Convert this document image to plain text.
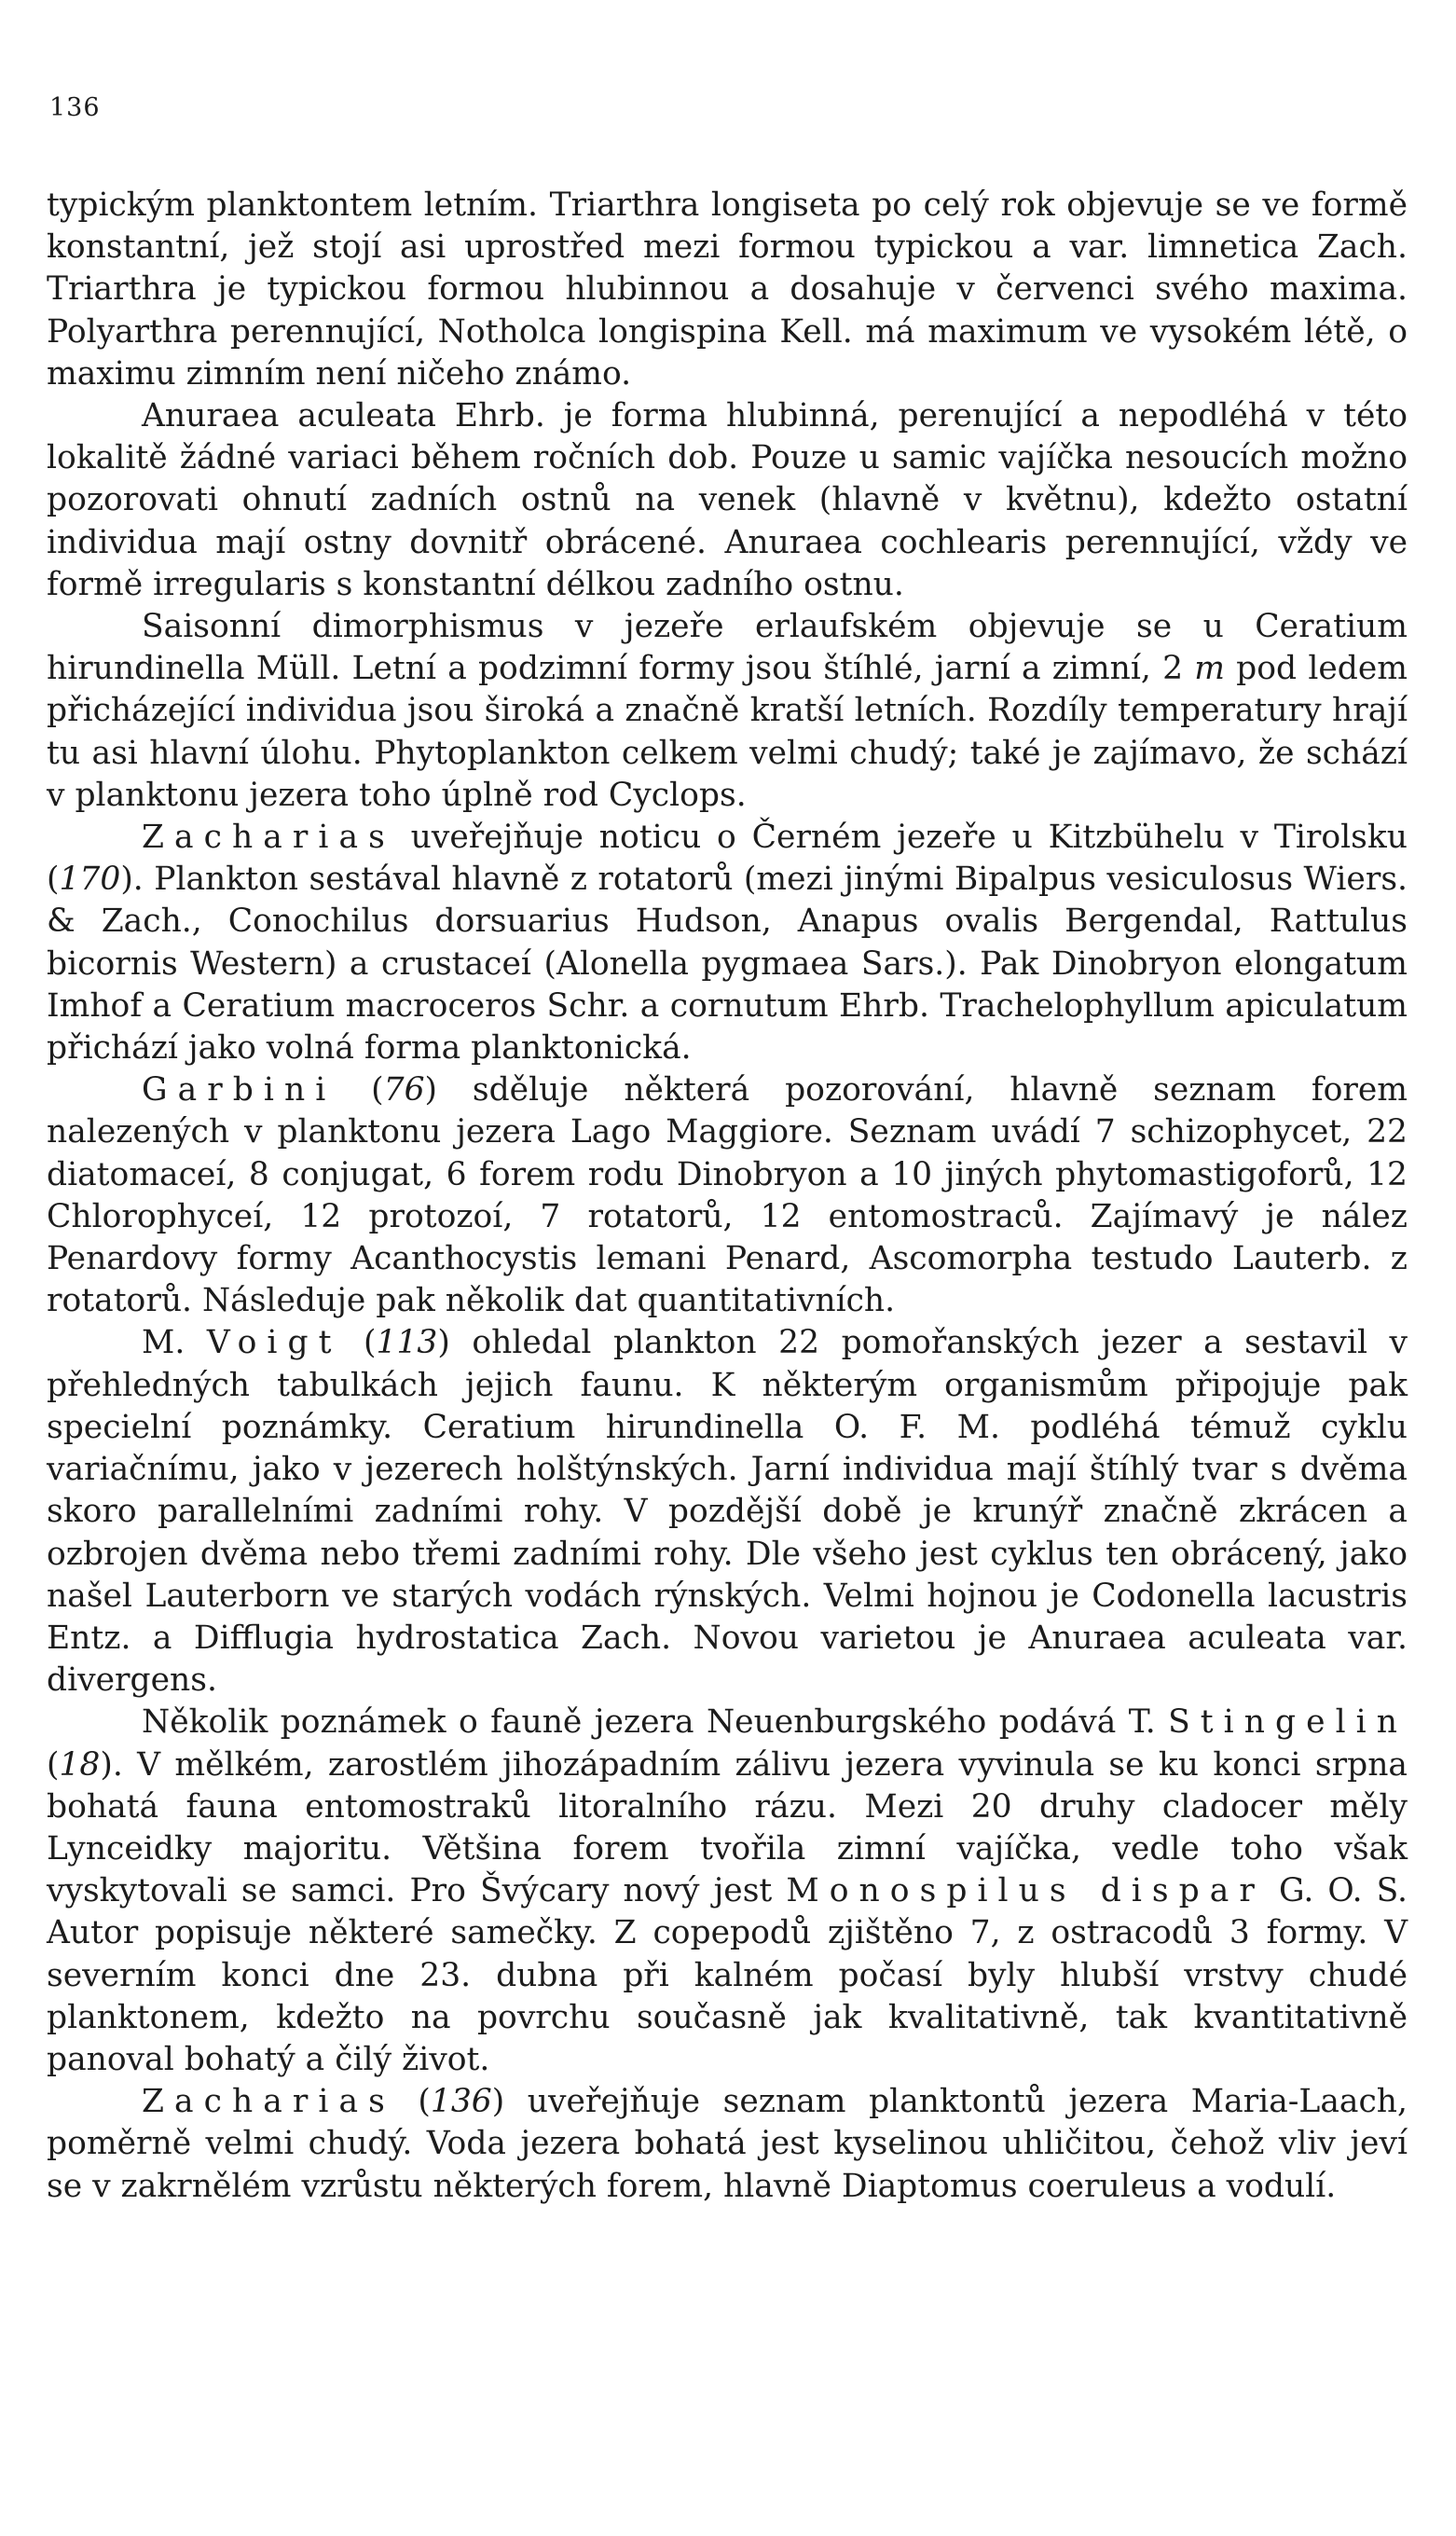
136

typickým planktontem letním. Triarthra longiseta po celý rok objevuje se ve formě konstantní, jež stojí asi uprostřed mezi formou typickou a var. limnetica Zach. Triarthra je typickou formou hlubinnou a dosahuje v červenci svého maxima. Polyarthra perennující, Notholca longispina Kell. má maximum ve vysokém létě, o maximu zimním není ničeho známo.

Anuraea aculeata Ehrb. je forma hlubinná, perenující a nepodléhá v této lokalitě žádné variaci během ročních dob. Pouze u samic vajíčka nesoucích možno pozorovati ohnutí zadních ostnů na venek (hlavně v květnu), kdežto ostatní individua mají ostny dovnitř obrácené. Anuraea cochlearis perennující, vždy ve formě irregularis s konstantní délkou zadního ostnu.

Saisonní dimorphismus v jezeře erlaufském objevuje se u Ceratium hirundinella Müll. Letní a podzimní formy jsou štíhlé, jarní a zimní, 2 m pod ledem přicházející individua jsou široká a značně kratší letních. Rozdíly temperatury hrají tu asi hlavní úlohu. Phytoplankton celkem velmi chudý; také je zajímavo, že schází v planktonu jezera toho úplně rod Cyclops.

Zacharias uveřejňuje noticu o Černém jezeře u Kitzbühelu v Tirolsku (170). Plankton sestával hlavně z rotatorů (mezi jinými Bipalpus vesiculosus Wiers. & Zach., Conochilus dorsuarius Hudson, Anapus ovalis Bergendal, Rattulus bicornis Western) a crustaceí (Alonella pygmaea Sars.). Pak Dinobryon elongatum Imhof a Ceratium macroceros Schr. a cornutum Ehrb. Trachelophyllum apiculatum přichází jako volná forma planktonická.

Garbini (76) sděluje některá pozorování, hlavně seznam forem nalezených v planktonu jezera Lago Maggiore. Seznam uvádí 7 schizophycet, 22 diatomaceí, 8 conjugat, 6 forem rodu Dinobryon a 10 jiných phytomastigoforů, 12 Chlorophyceí, 12 protozoí, 7 rotatorů, 12 entomostraců. Zajímavý je nález Penardovy formy Acanthocystis lemani Penard, Ascomorpha testudo Lauterb. z rotatorů. Následuje pak několik dat quantitativních.

M. Voigt (113) ohledal plankton 22 pomořanských jezer a sestavil v přehledných tabulkách jejich faunu. K některým organismům připojuje pak specielní poznámky. Ceratium hirundinella O. F. M. podléhá témuž cyklu variačnímu, jako v jezerech holštýnských. Jarní individua mají štíhlý tvar s dvěma skoro parallelními zadními rohy. V pozdější době je krunýř značně zkrácen a ozbrojen dvěma nebo třemi zadními rohy. Dle všeho jest cyklus ten obrácený, jako našel Lauterborn ve starých vodách rýnských. Velmi hojnou je Codonella lacustris Entz. a Difflugia hydrostatica Zach. Novou varietou je Anuraea aculeata var. divergens.

Několik poznámek o fauně jezera Neuenburgského podává T. Stingelin (18). V mělkém, zarostlém jihozápadním zálivu jezera vyvinula se ku konci srpna bohatá fauna entomostraků litoralního rázu. Mezi 20 druhy cladocer měly Lynceidky majoritu. Většina forem tvořila zimní vajíčka, vedle toho však vyskytovali se samci. Pro Švýcary nový jest Monospilus dispar G. O. S. Autor popisuje některé samečky. Z copepodů zjištěno 7, z ostracodů 3 formy. V severním konci dne 23. dubna při kalném počasí byly hlubší vrstvy chudé planktonem, kdežto na povrchu současně jak kvalitativně, tak kvantitativně panoval bohatý a čilý život.

Zacharias (136) uveřejňuje seznam planktontů jezera Maria-Laach, poměrně velmi chudý. Voda jezera bohatá jest kyselinou uhličitou, čehož vliv jeví se v zakrnělém vzrůstu některých forem, hlavně Diaptomus coeruleus a vodulí.
